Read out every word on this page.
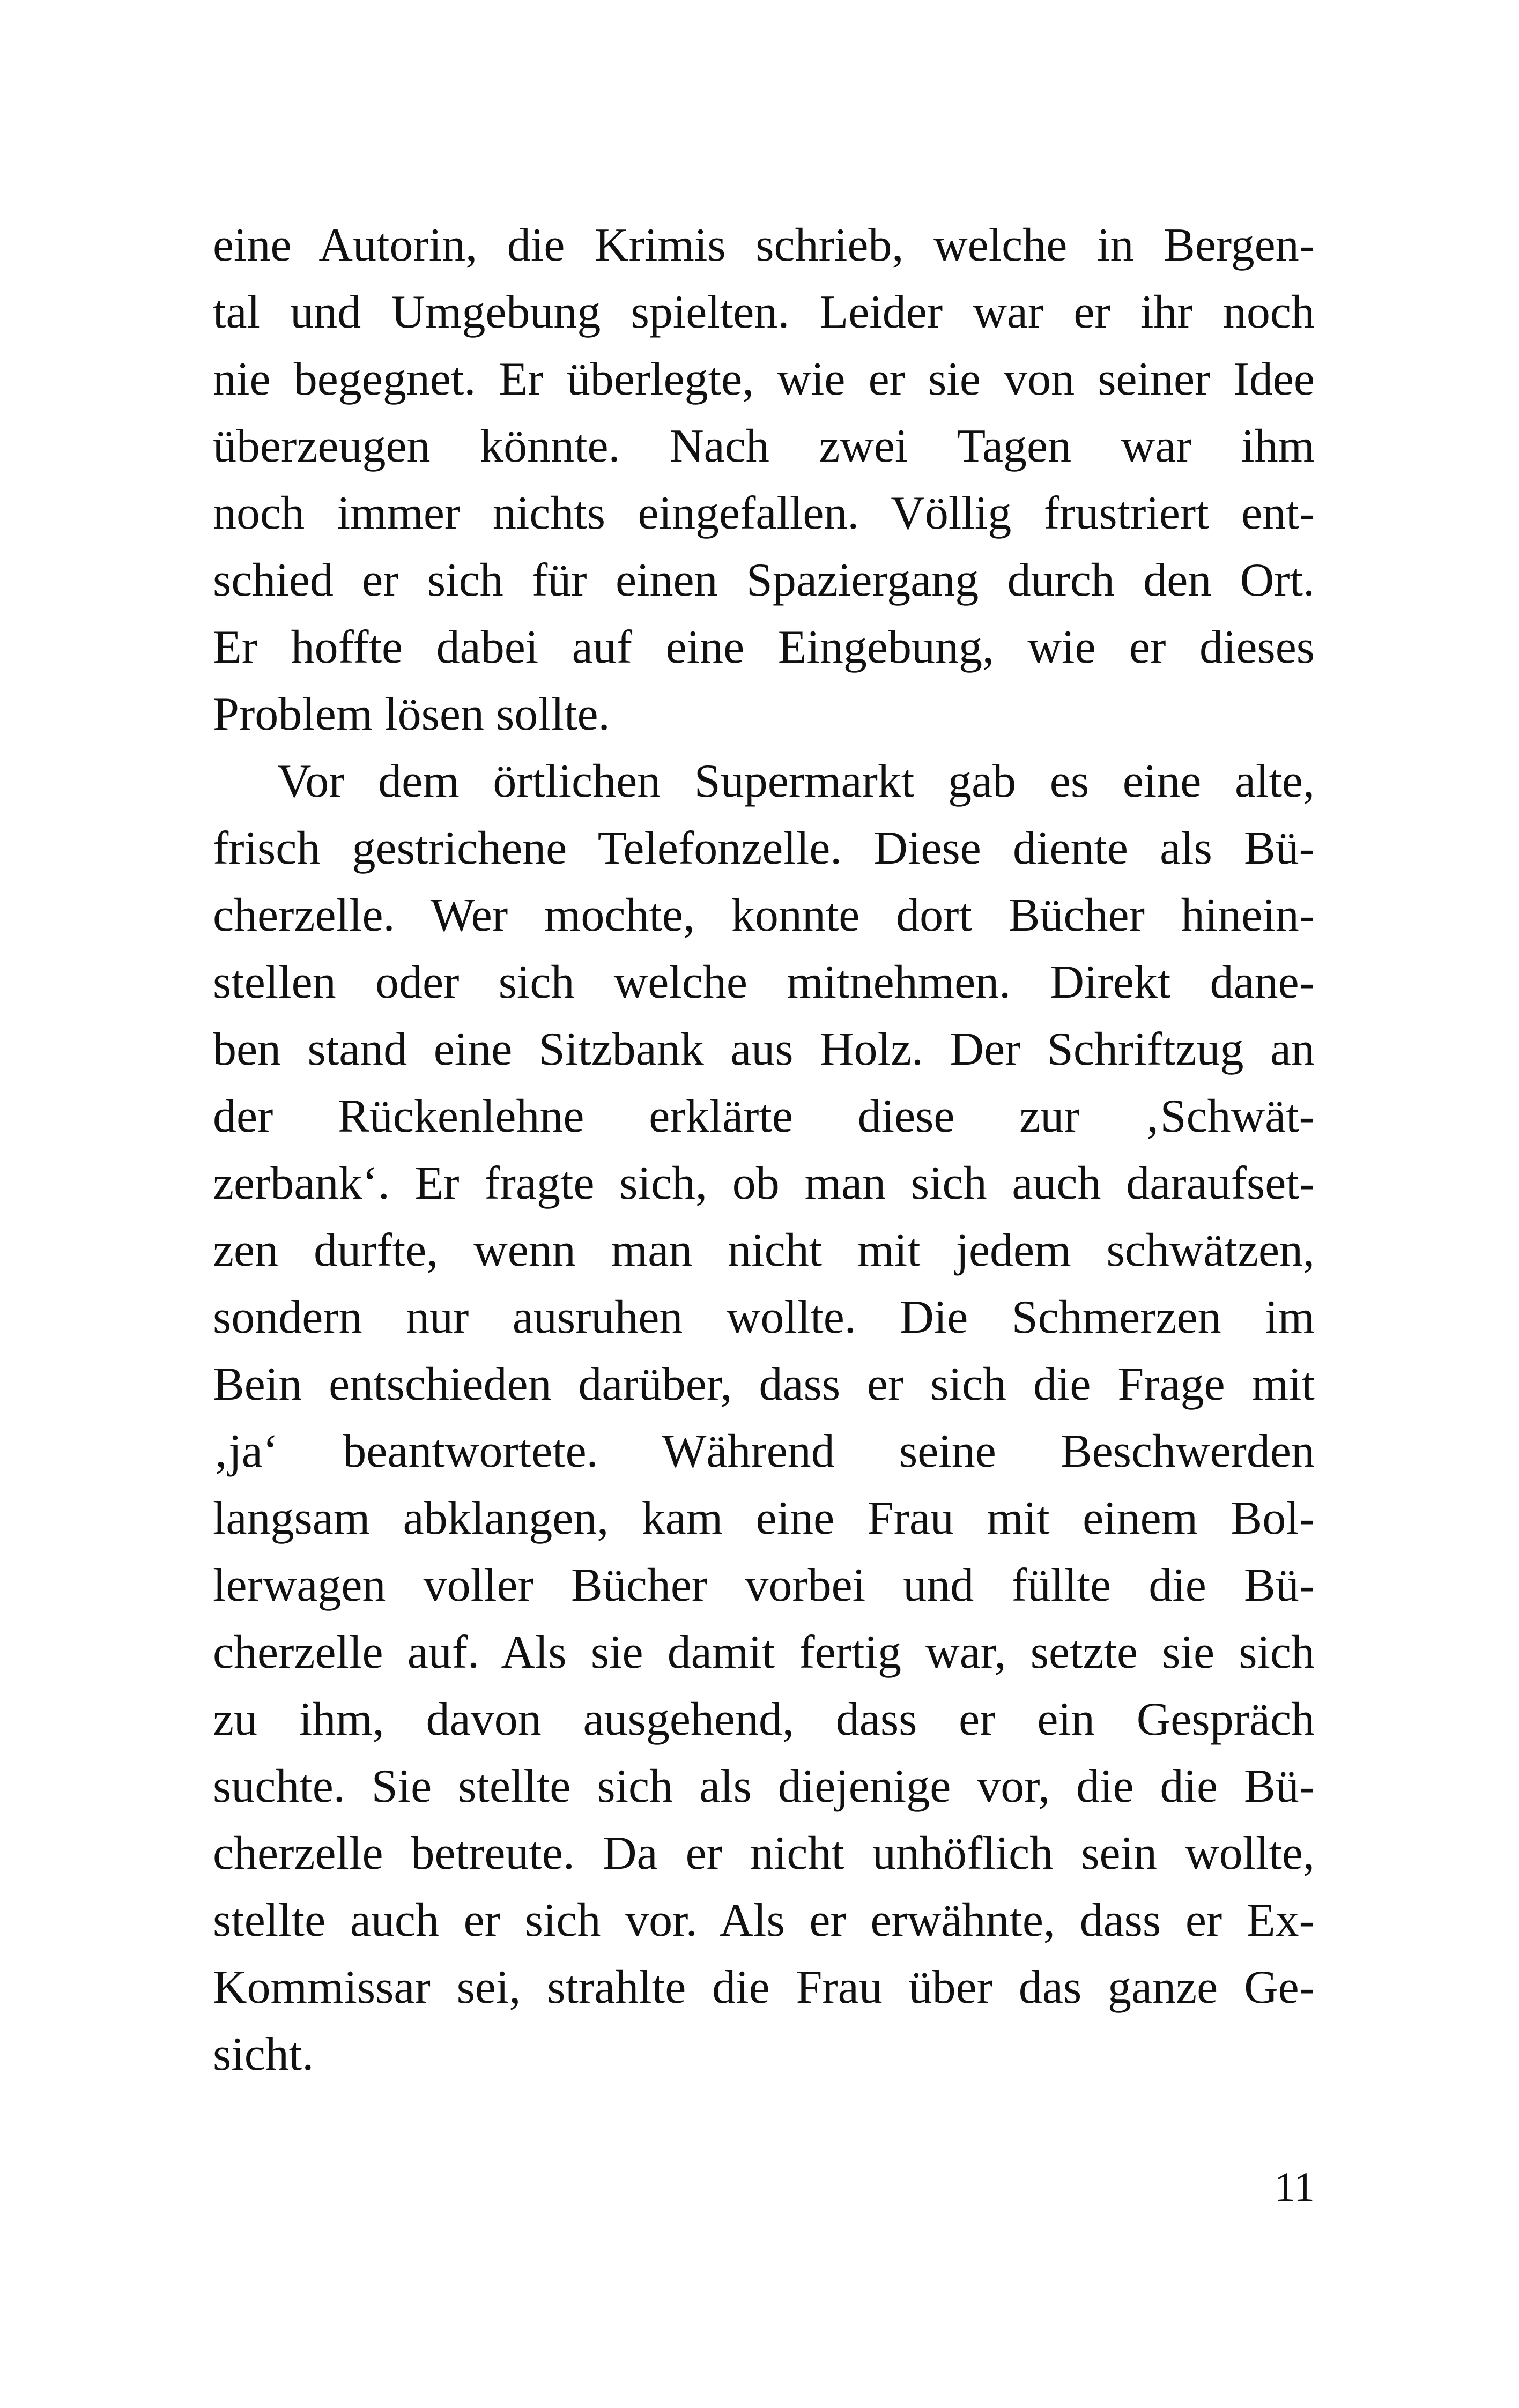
eine Autorin, die Krimis schrieb, welche in Bergen-
tal und Umgebung spielten. Leider war er ihr noch
nie begegnet. Er überlegte, wie er sie von seiner Idee
überzeugen könnte. Nach zwei Tagen war ihm
noch immer nichts eingefallen. Völlig frustriert ent-
schied er sich für einen Spaziergang durch den Ort.
Er hoffte dabei auf eine Eingebung, wie er dieses
Problem lösen sollte.
Vor dem örtlichen Supermarkt gab es eine alte,
frisch gestrichene Telefonzelle. Diese diente als Bü-
cherzelle. Wer mochte, konnte dort Bücher hinein-
stellen oder sich welche mitnehmen. Direkt dane-
ben stand eine Sitzbank aus Holz. Der Schriftzug an
der Rückenlehne erklärte diese zur ‚Schwät-
zerbank‘. Er fragte sich, ob man sich auch daraufset-
zen durfte, wenn man nicht mit jedem schwätzen,
sondern nur ausruhen wollte. Die Schmerzen im
Bein entschieden darüber, dass er sich die Frage mit
‚ja‘ beantwortete. Während seine Beschwerden
langsam abklangen, kam eine Frau mit einem Bol-
lerwagen voller Bücher vorbei und füllte die Bü-
cherzelle auf. Als sie damit fertig war, setzte sie sich
zu ihm, davon ausgehend, dass er ein Gespräch
suchte. Sie stellte sich als diejenige vor, die die Bü-
cherzelle betreute. Da er nicht unhöflich sein wollte,
stellte auch er sich vor. Als er erwähnte, dass er Ex-
Kommissar sei, strahlte die Frau über das ganze Ge-
sicht.
11
